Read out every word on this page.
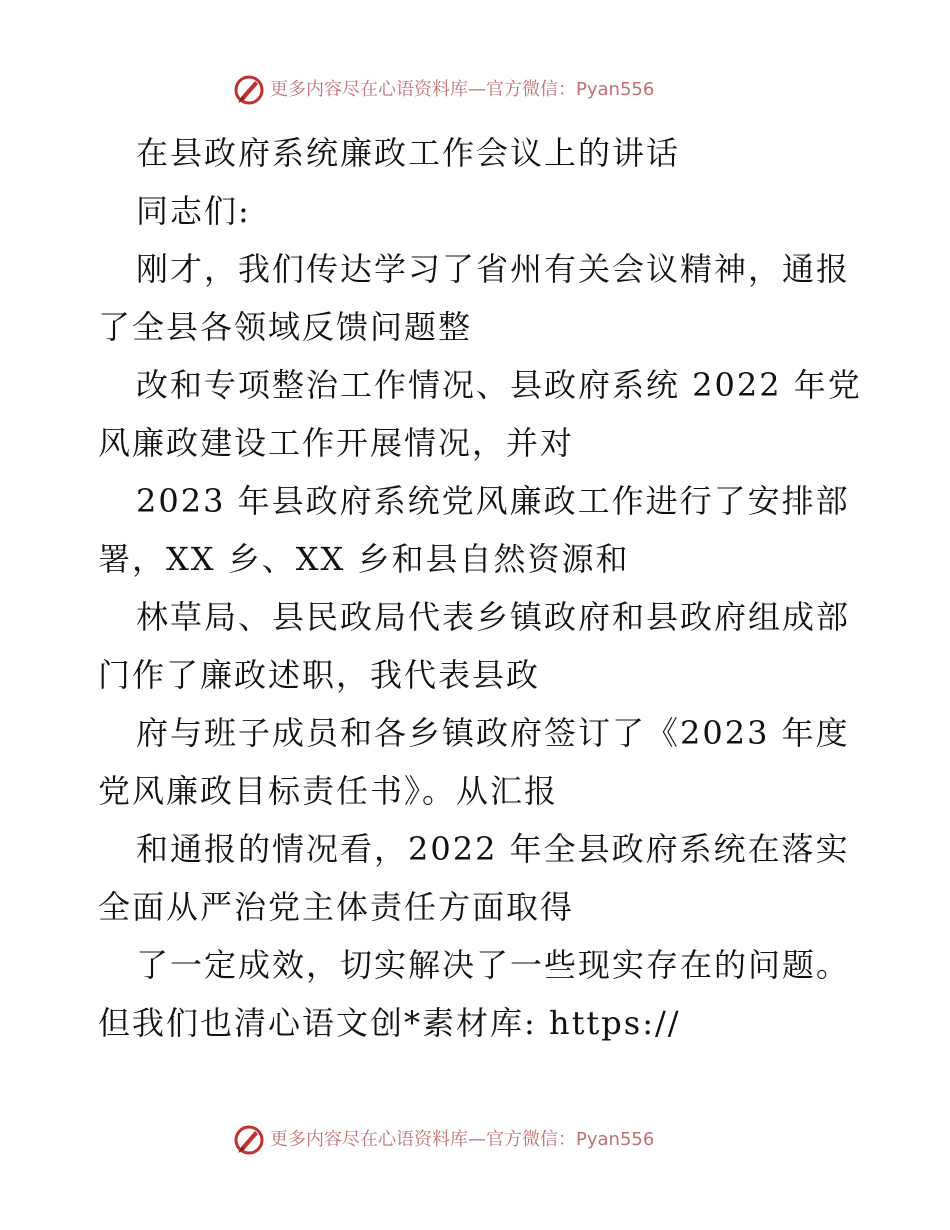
更多内容尽在心语资料库—官方微信：Pyan556
在县政府系统廉政工作会议上的讲话
同志们:
刚才，我们传达学习了省州有关会议精神，通报
了全县各领域反馈问题整
改和专项整治工作情况、县政府系统 2022 年党
风廉政建设工作开展情况，并对
2023 年县政府系统党风廉政工作进行了安排部
署，XX 乡、XX 乡和县自然资源和
林草局、县民政局代表乡镇政府和县政府组成部
门作了廉政述职，我代表县政
府与班子成员和各乡镇政府签订了《2023 年度
党风廉政目标责任书》。从汇报
和通报的情况看，2022 年全县政府系统在落实
全面从严治党主体责任方面取得
了一定成效，切实解决了一些现实存在的问题。
但我们也清心语文创*素材库: https://
更多内容尽在心语资料库—官方微信：Pyan556
